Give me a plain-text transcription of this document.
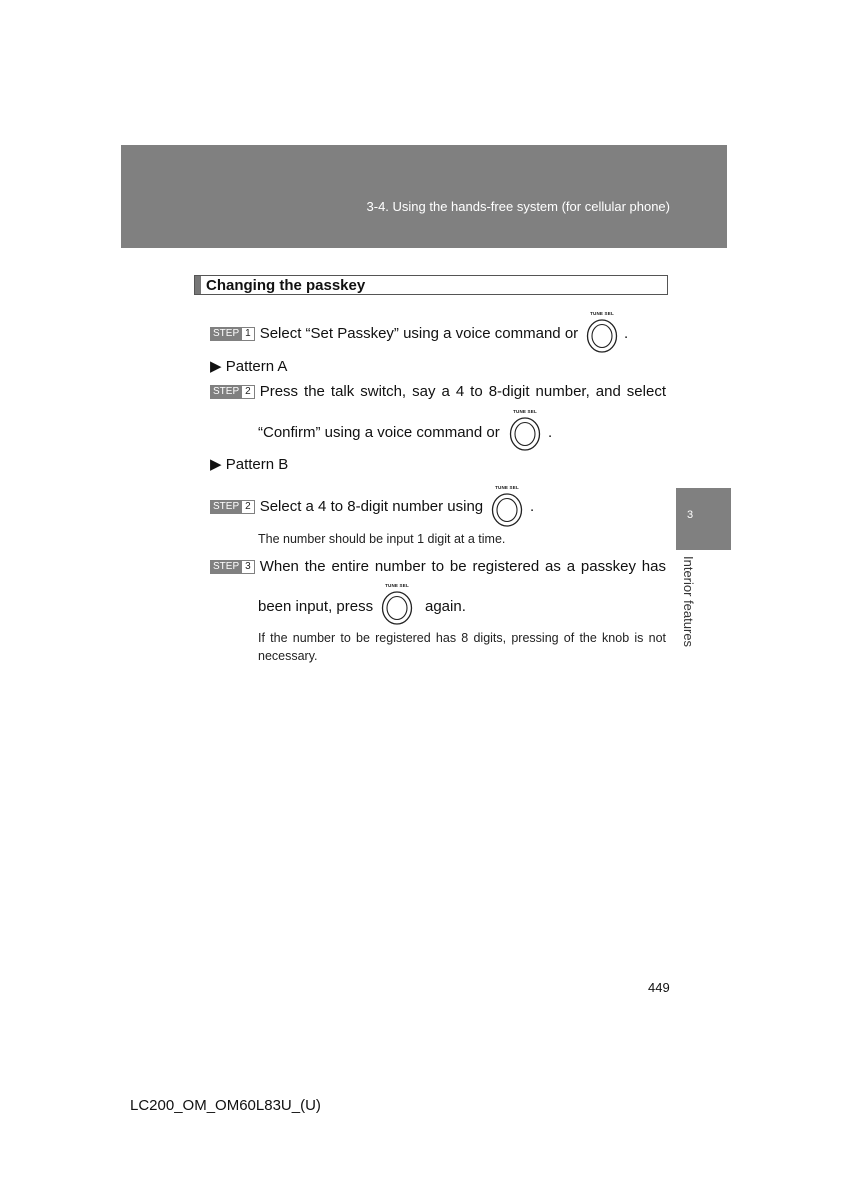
3-4. Using the hands-free system (for cellular phone)
Changing the passkey
STEP 1 Select “Set Passkey” using a voice command or
TUNE SEL
.
▶ Pattern A
STEP 2 Press the talk switch, say a 4 to 8-digit number, and select
“Confirm” using a voice command or
TUNE SEL
.
▶ Pattern B
STEP 2 Select a 4 to 8-digit number using
TUNE SEL
.
The number should be input 1 digit at a time.
STEP 3 When the entire number to be registered as a passkey has
been input, press
TUNE SEL
again.
If the number to be registered has 8 digits, pressing of the knob is not necessary.
3
Interior features
449
LC200_OM_OM60L83U_(U)
